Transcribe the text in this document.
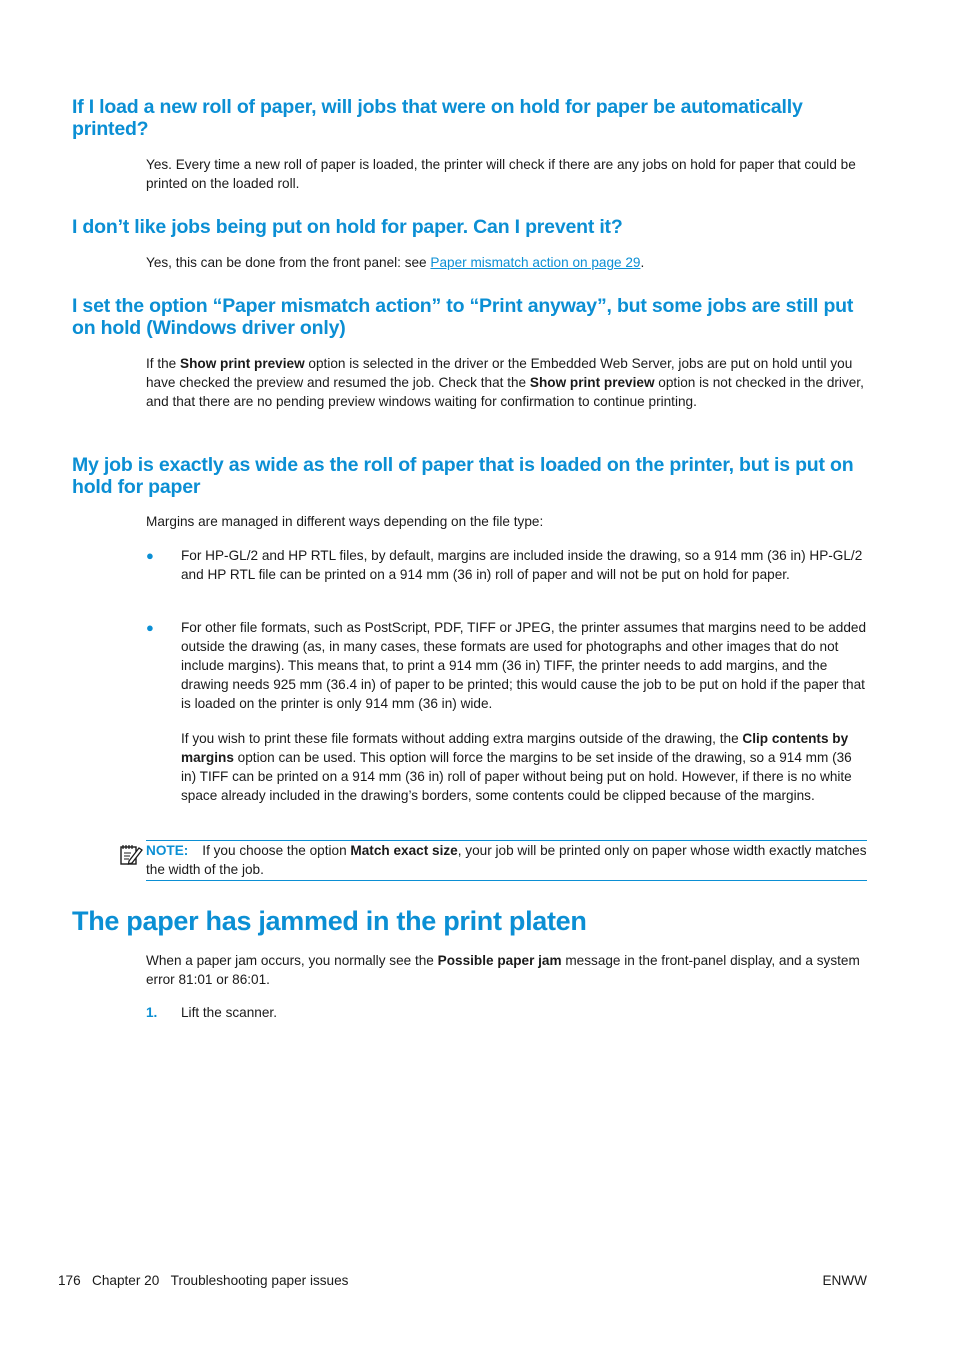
If I load a new roll of paper, will jobs that were on hold for paper be automatically printed?

Yes. Every time a new roll of paper is loaded, the printer will check if there are any jobs on hold for paper that could be printed on the loaded roll.

I don’t like jobs being put on hold for paper. Can I prevent it?

Yes, this can be done from the front panel: see Paper mismatch action on page 29.

I set the option “Paper mismatch action” to “Print anyway”, but some jobs are still put on hold (Windows driver only)

If the Show print preview option is selected in the driver or the Embedded Web Server, jobs are put on hold until you have checked the preview and resumed the job. Check that the Show print preview option is not checked in the driver, and that there are no pending preview windows waiting for confirmation to continue printing.

My job is exactly as wide as the roll of paper that is loaded on the printer, but is put on hold for paper

Margins are managed in different ways depending on the file type:

●	For HP-GL/2 and HP RTL files, by default, margins are included inside the drawing, so a 914 mm (36 in) HP-GL/2 and HP RTL file can be printed on a 914 mm (36 in) roll of paper and will not be put on hold for paper.

●	For other file formats, such as PostScript, PDF, TIFF or JPEG, the printer assumes that margins need to be added outside the drawing (as, in many cases, these formats are used for photographs and other images that do not include margins). This means that, to print a 914 mm (36 in) TIFF, the printer needs to add margins, and the drawing needs 925 mm (36.4 in) of paper to be printed; this would cause the job to be put on hold if the paper that is loaded on the printer is only 914 mm (36 in) wide.

If you wish to print these file formats without adding extra margins outside of the drawing, the Clip contents by margins option can be used. This option will force the margins to be set inside of the drawing, so a 914 mm (36 in) TIFF can be printed on a 914 mm (36 in) roll of paper without being put on hold. However, if there is no white space already included in the drawing’s borders, some contents could be clipped because of the margins.

NOTE: If you choose the option Match exact size, your job will be printed only on paper whose width exactly matches the width of the job.
The paper has jammed in the print platen

When a paper jam occurs, you normally see the Possible paper jam message in the front-panel display, and a system error 81:01 or 86:01.

1. Lift the scanner.

176 Chapter 20 Troubleshooting paper issues	ENWW
